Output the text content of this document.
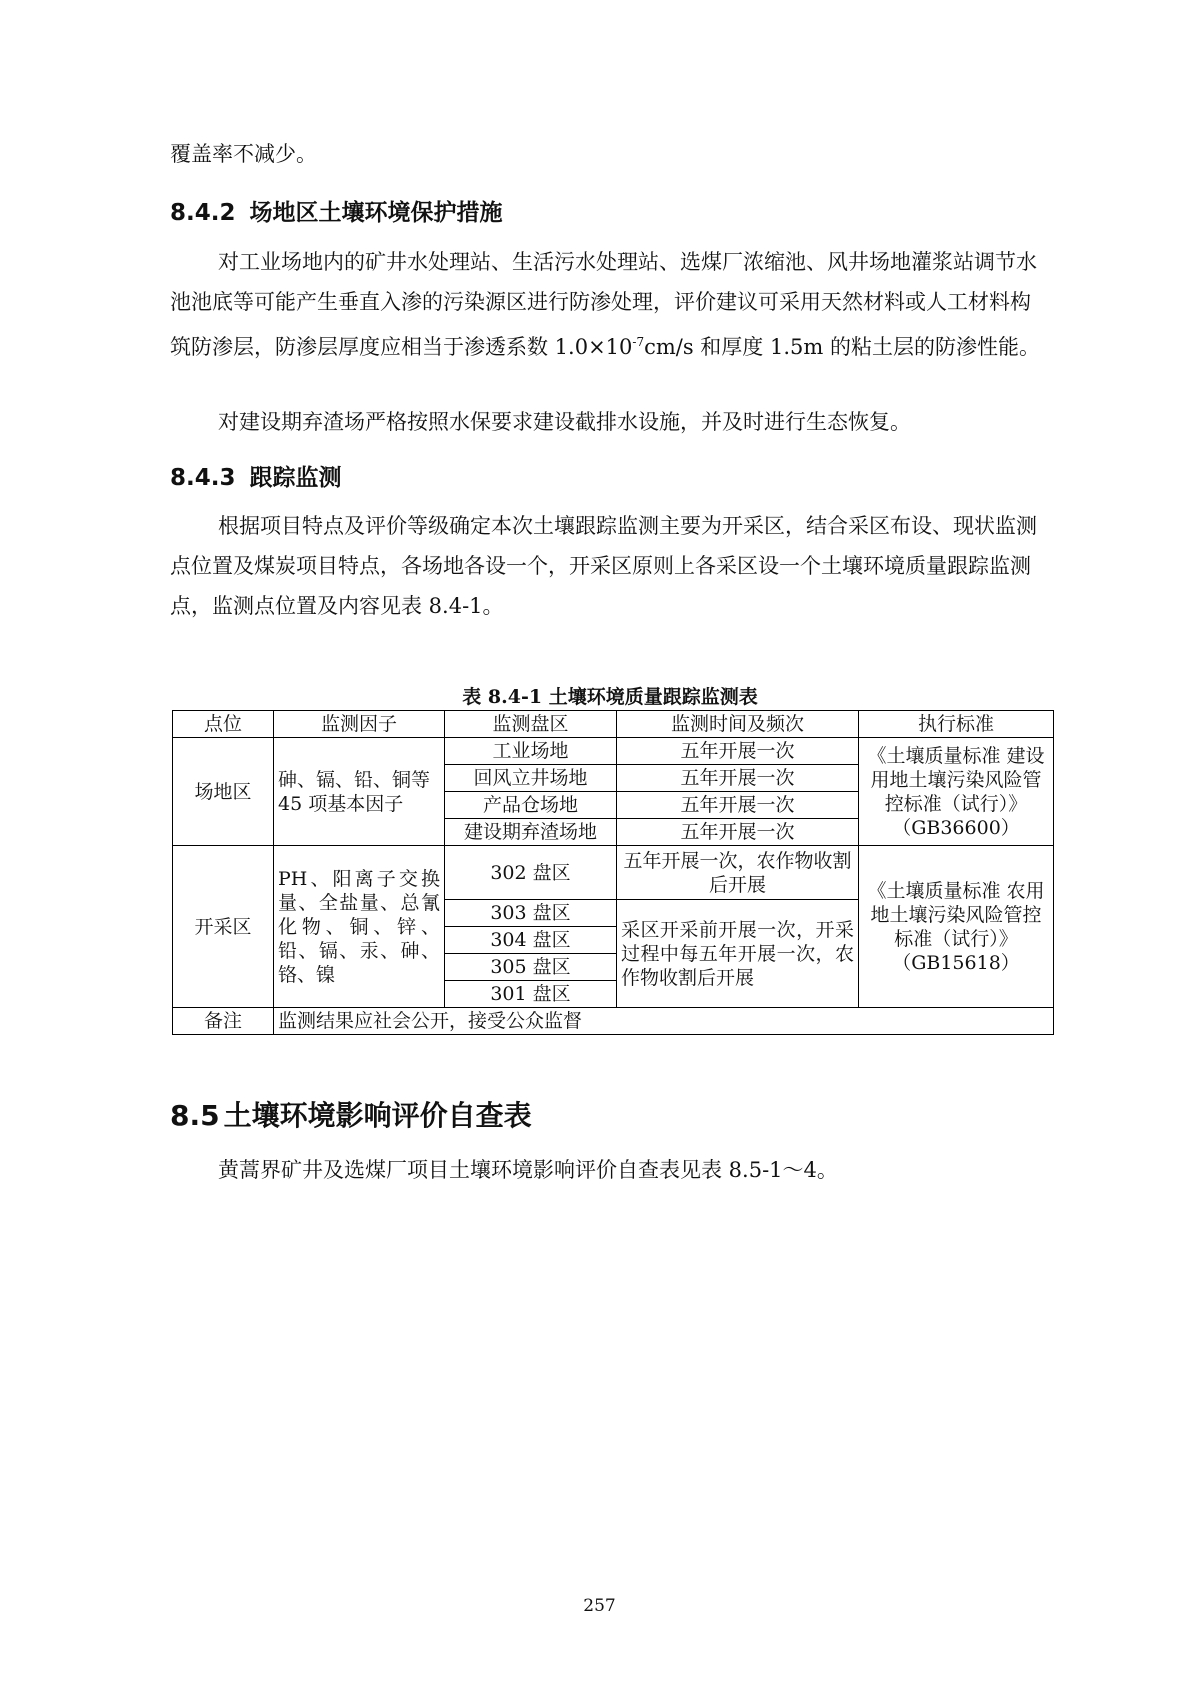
覆盖率不减少。
8.4.2 场地区土壤环境保护措施
对工业场地内的矿井水处理站、生活污水处理站、选煤厂浓缩池、风井场地灌浆站调节水池池底等可能产生垂直入渗的污染源区进行防渗处理，评价建议可采用天然材料或人工材料构筑防渗层，防渗层厚度应相当于渗透系数 $1.0\times 10^{-7}cm/s$ 和厚度 1.5m 的粘土层的防渗性能。
对建设期弃渣场严格按照水保要求建设截排水设施，并及时进行生态恢复。
8.4.3 跟踪监测
根据项目特点及评价等级确定本次土壤跟踪监测主要为开采区，结合采区布设、现状监测点位置及煤炭项目特点，各场地各设一个，开采区原则上各采区设一个土壤环境质量跟踪监测点，监测点位置及内容见表 8.4-1。
表 8.4-1 土壤环境质量跟踪监测表
点位	监测因子	监测盘区	监测时间及频次	执行标准
场地区	砷、镉、铅、铜等45 项基本因子	工业场地	五年开展一次	《土壤质量标准 建设用地土壤污染风险管控标准（试行）》（GB36600）
		回风立井场地	五年开展一次	
		产品仓场地	五年开展一次	
		建设期弃渣场地	五年开展一次	
开采区	PH、阳离子交换量、全盐量、总氰化物、铜、锌、铅、镉、汞、砷、铬、镍	302 盘区	五年开展一次，农作物收割后开展	《土壤质量标准 农用地土壤污染风险管控标准（试行）》（GB15618）
		303 盘区	采区开采前开展一次，开采过程中每五年开展一次，农作物收割后开展	
		304 盘区		
		305 盘区		
		301 盘区		
备注	监测结果应社会公开，接受公众监督			
8.5 土壤环境影响评价自查表
黄蒿界矿井及选煤厂项目土壤环境影响评价自查表见表 8.5-1～4。
257
